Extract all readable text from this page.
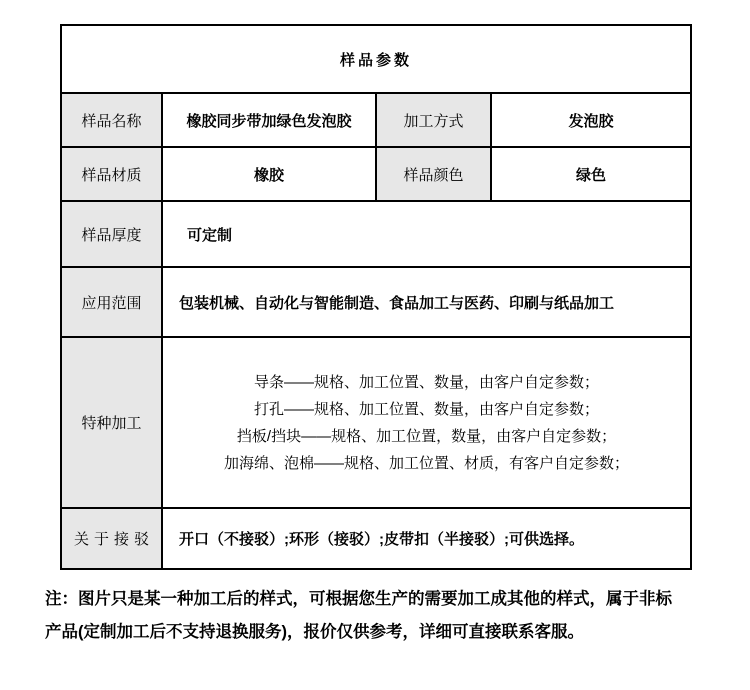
样品参数			
样品名称	橡胶同步带加绿色发泡胶	加工方式	发泡胶
样品材质	橡胶	样品颜色	绿色
样品厚度	可定制		
应用范围	包装机械、自动化与智能制造、食品加工与医药、印刷与纸品加工		
特种加工	导条——规格、加工位置、数量，由客户自定参数；
打孔——规格、加工位置、数量，由客户自定参数；
挡板/挡块——规格、加工位置，数量，由客户自定参数；
加海绵、泡棉——规格、加工位置、材质，有客户自定参数；		

关于接驳	开口（不接驳）;环形（接驳）;皮带扣（半接驳）;可供选择。		
注：图片只是某一种加工后的样式，可根据您生产的需要加工成其他的样式，属于非标
产品(定制加工后不支持退换服务)，报价仅供参考，详细可直接联系客服。
